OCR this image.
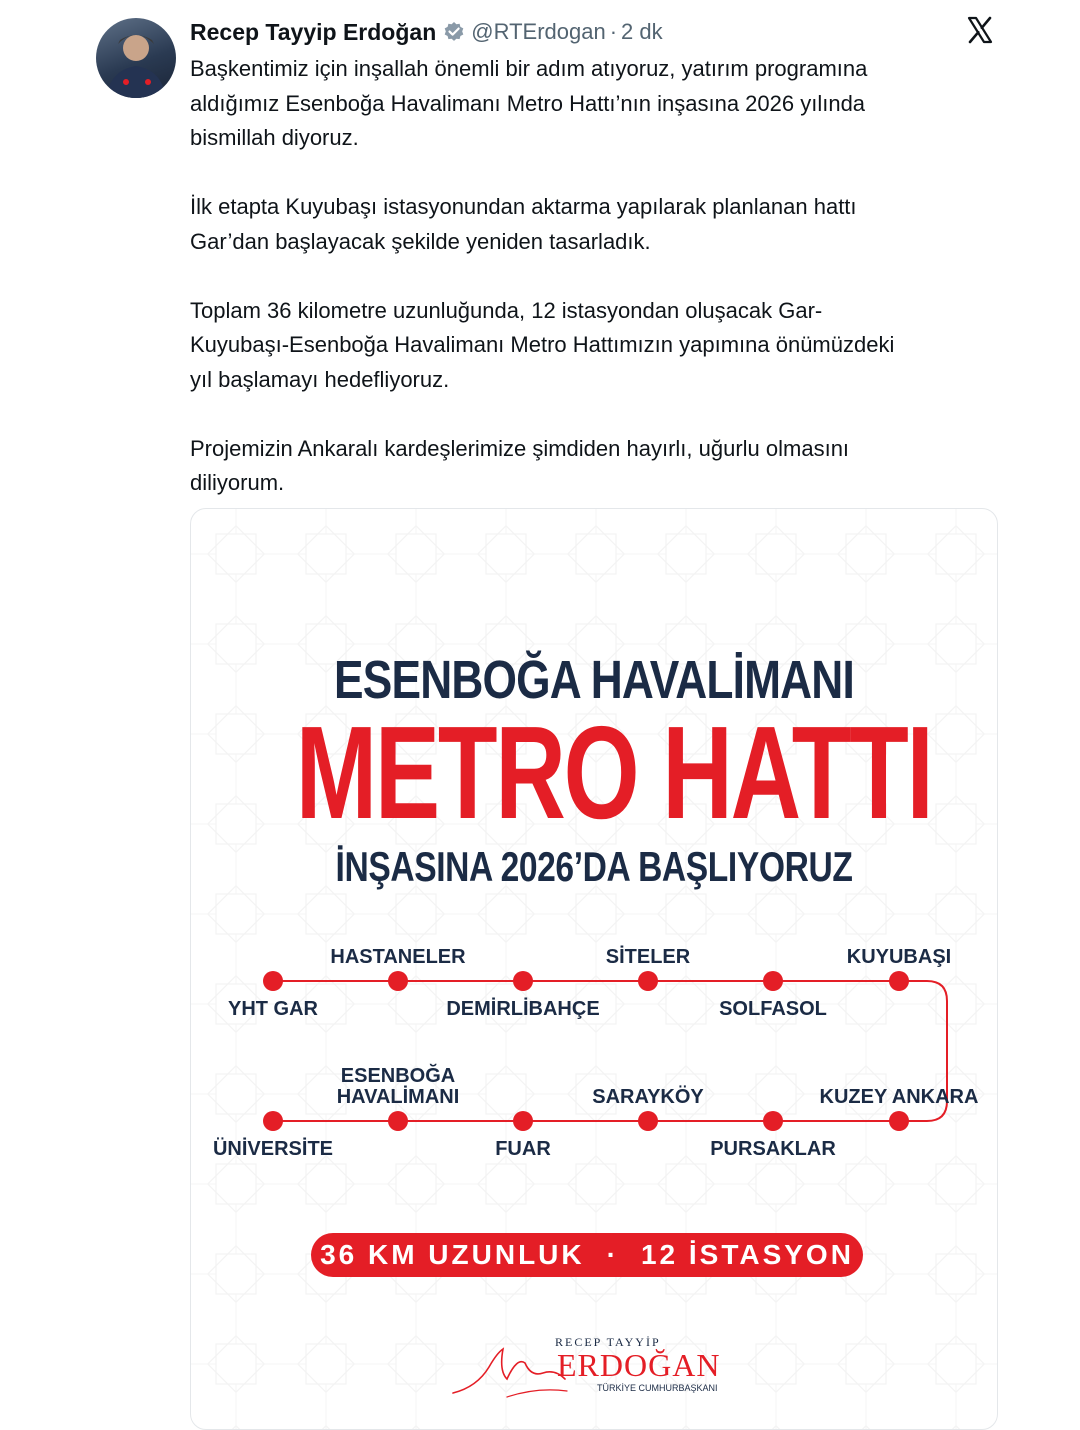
Recep Tayyip Erdoğan @RTErdogan · 2 dk

Başkentimiz için inşallah önemli bir adım atıyoruz, yatırım programına
aldığımız Esenboğa Havalimanı Metro Hattı’nın inşasına 2026 yılında
bismillah diyoruz.

İlk etapta Kuyubaşı istasyonundan aktarma yapılarak planlanan hattı
Gar’dan başlayacak şekilde yeniden tasarladık.

Toplam 36 kilometre uzunluğunda, 12 istasyondan oluşacak Gar-
Kuyubaşı-Esenboğa Havalimanı Metro Hattımızın yapımına önümüzdeki
yıl başlamayı hedefliyoruz.

Projemizin Ankaralı kardeşlerimize şimdiden hayırlı, uğurlu olmasını
diliyorum.

ESENBOĞA HAVALİMANI
METRO HATTI
İNŞASINA 2026’DA BAŞLIYORUZ
YHT GAR
HASTANELER
DEMİRLİBAHÇE
SİTELER
SOLFASOL
KUYUBAŞI
ÜNİVERSİTE
ESENBOĞA HAVALİMANI
FUAR
SARAYKÖY
PURSAKLAR
KUZEY ANKARA
36 KM UZUNLUK · 12 İSTASYON
RECEP TAYYİP
ERDOĞAN
TÜRKİYE CUMHURBAŞKANI
